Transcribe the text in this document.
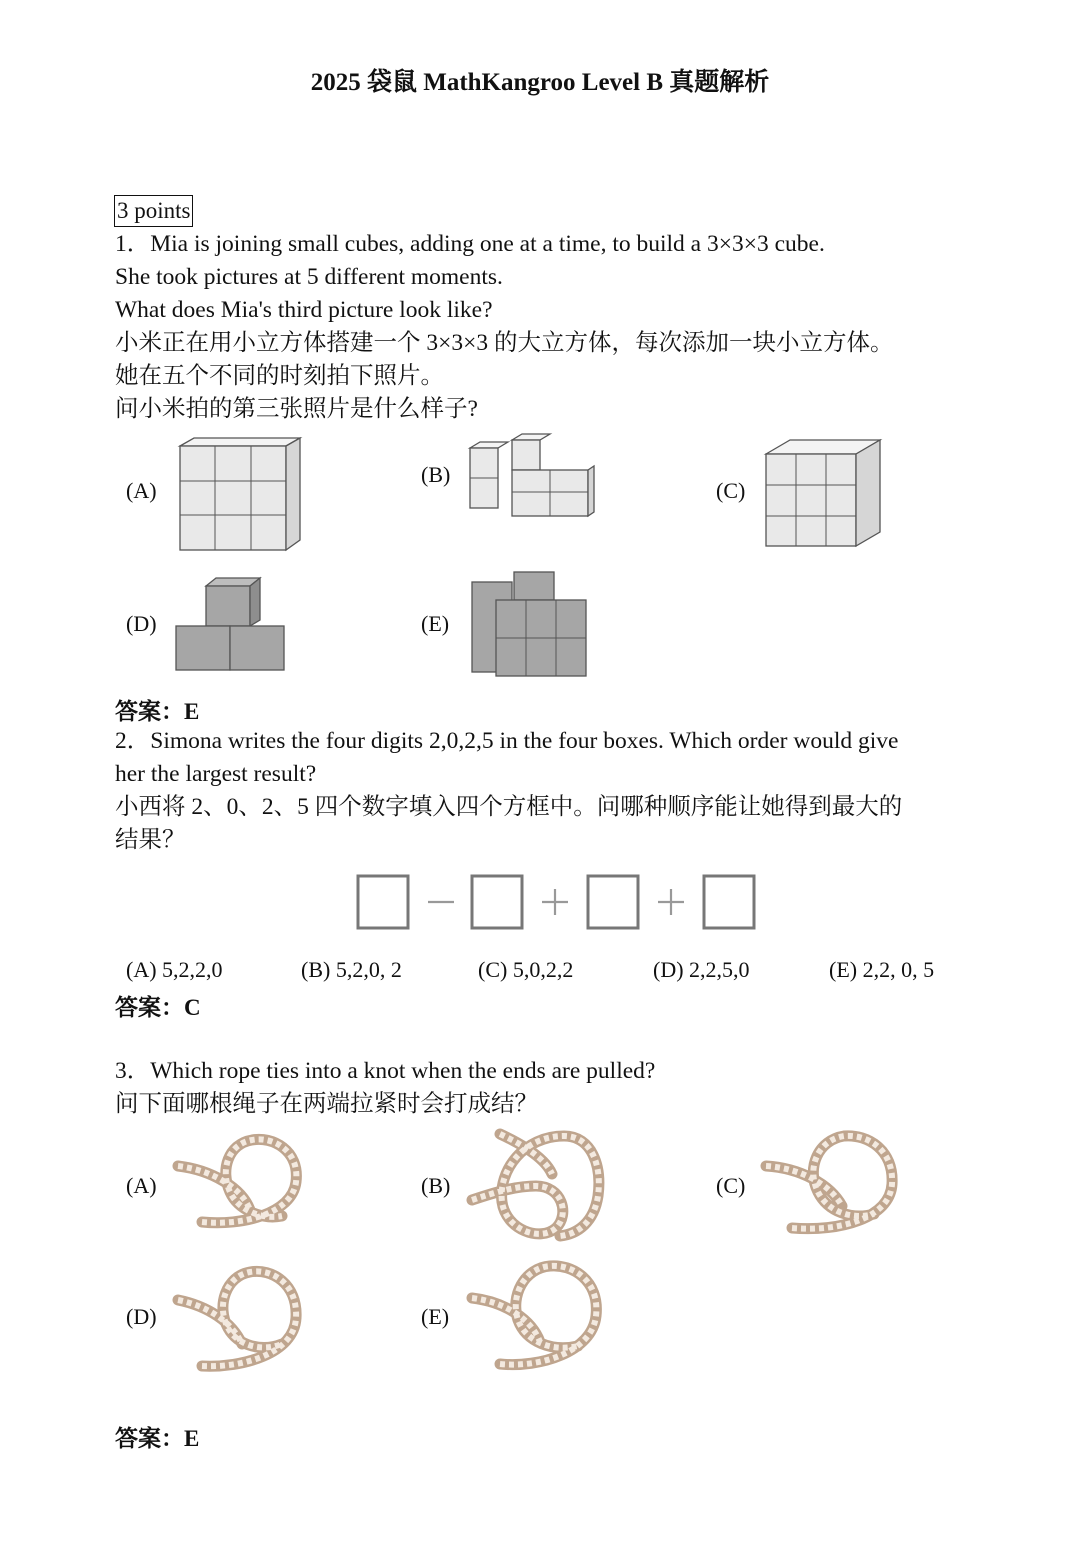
2025 袋鼠 MathKangroo Level B 真题解析
3 points
1．Mia is joining small cubes, adding one at a time, to build a 3×3×3 cube.
She took pictures at 5 different moments.
What does Mia's third picture look like?
小米正在用小立方体搭建一个 3×3×3 的大立方体，每次添加一块小立方体。
她在五个不同的时刻拍下照片。
问小米拍的第三张照片是什么样子?
(A)
(B)
(C)
(D)	(E)
答案：E
2．Simona writes the four digits 2,0,2,5 in the four boxes. Which order would give
her the largest result?
小西将 2、0、2、5 四个数字填入四个方框中。问哪种顺序能让她得到最大的
结果？
(A) 5,2,2,0	(B) 5,2,0, 2	(C) 5,0,2,2	(D) 2,2,5,0	(E) 2,2, 0, 5
答案：C
3．Which rope ties into a knot when the ends are pulled?
问下面哪根绳子在两端拉紧时会打成结？
(A)	(B)	(C)
(D)	(E)
答案：E
